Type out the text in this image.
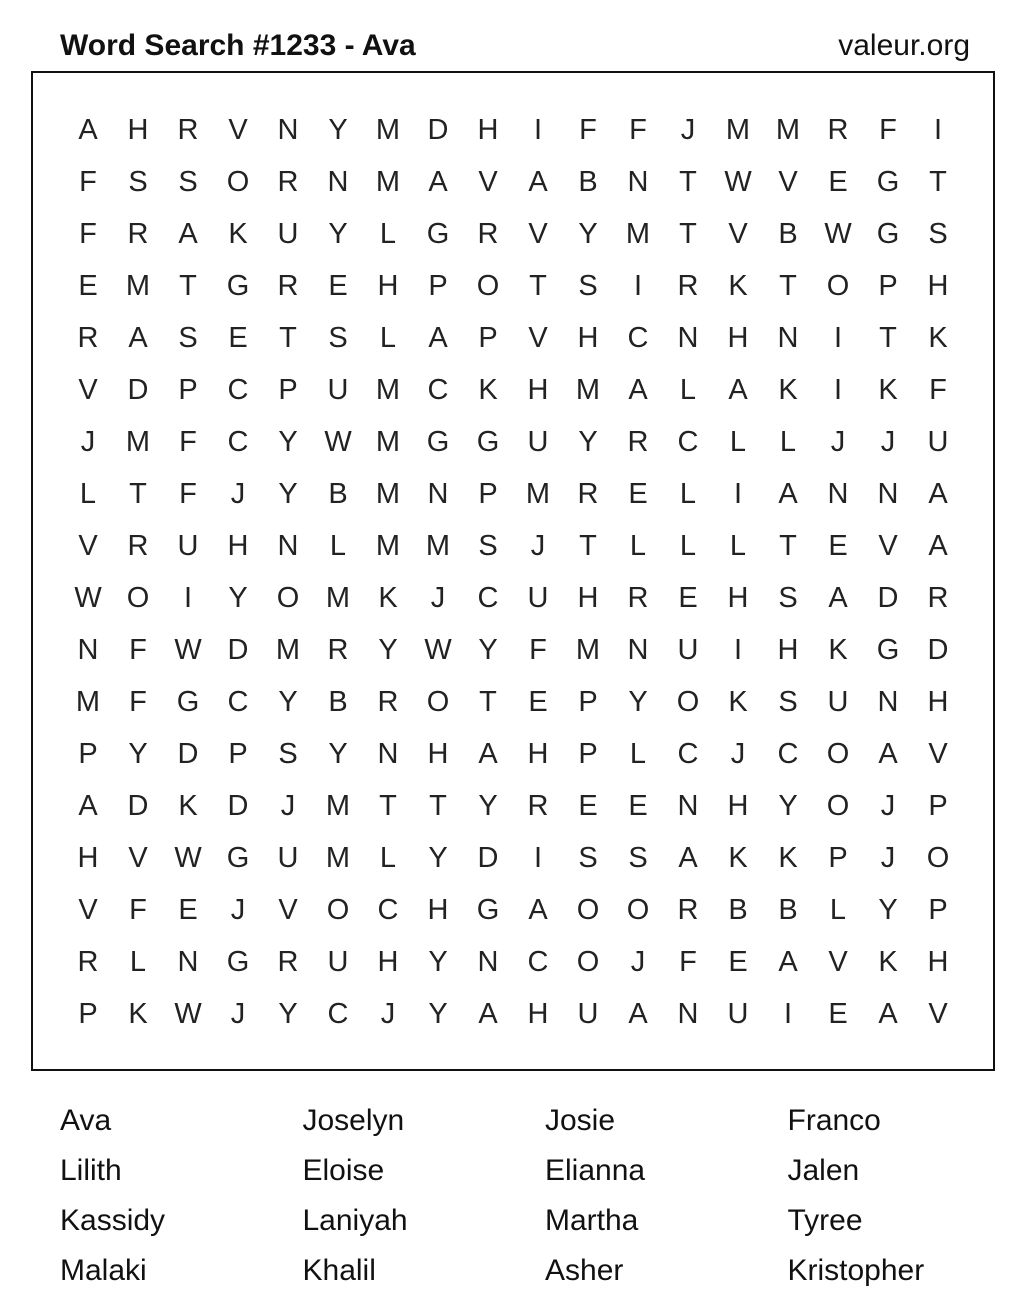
Word Search #1233 - Ava	valeur.org
A	H	R	V	N	Y M D	H	I	F	F	J	M M R	F	I
F	S	S	O R	N M A	V	A	B	N	T W V	E	G	T
F	R	A	K	U	Y	L	G R	V	Y M	T	V	B W G	S
E M	T	G R	E	H	P	O	T	S	I	R	K	T	O	P	H
R	A	S	E	T	S	L	A	P	V	H	C	N	H	N	I	T	K
V	D	P	C	P	U M C	K	H M A	L	A	K	I	K	F
J	M	F	C	Y W M G G U	Y	R	C	L	L	J	J	U
L	T	F	J	Y	B M N	P M R	E	L	I	A	N	N	A
V	R	U	H	N	L	M M S	J	T	L	L	L	T	E	V	A
W O	I	Y	O M K	J	C	U	H	R	E	H	S	A	D	R
N	F W D M R	Y W Y	F	M N	U	I	H	K	G D
M	F	G C	Y	B	R O	T	E	P	Y	O	K	S	U	N	H
P	Y	D	P	S	Y	N	H	A	H	P	L	C	J	C O	A	V
A	D	K	D	J	M	T	T	Y	R	E	E	N	H	Y	O	J	P
H	V W G U M	L	Y	D	I	S	S	A	K	K	P	J	O
V	F	E	J	V	O C	H G	A	O O R	B	B	L	Y	P
R	L	N G R	U	H	Y	N	C O	J	F	E	A	V	K	H
P	K W	J	Y	C	J	Y	A	H	U	A	N	U	I	E	A	V
Ava	Joselyn	Josie	Franco
Lilith	Eloise	Elianna	Jalen
Kassidy	Laniyah	Martha	Tyree
Malaki	Khalil	Asher	Kristopher
